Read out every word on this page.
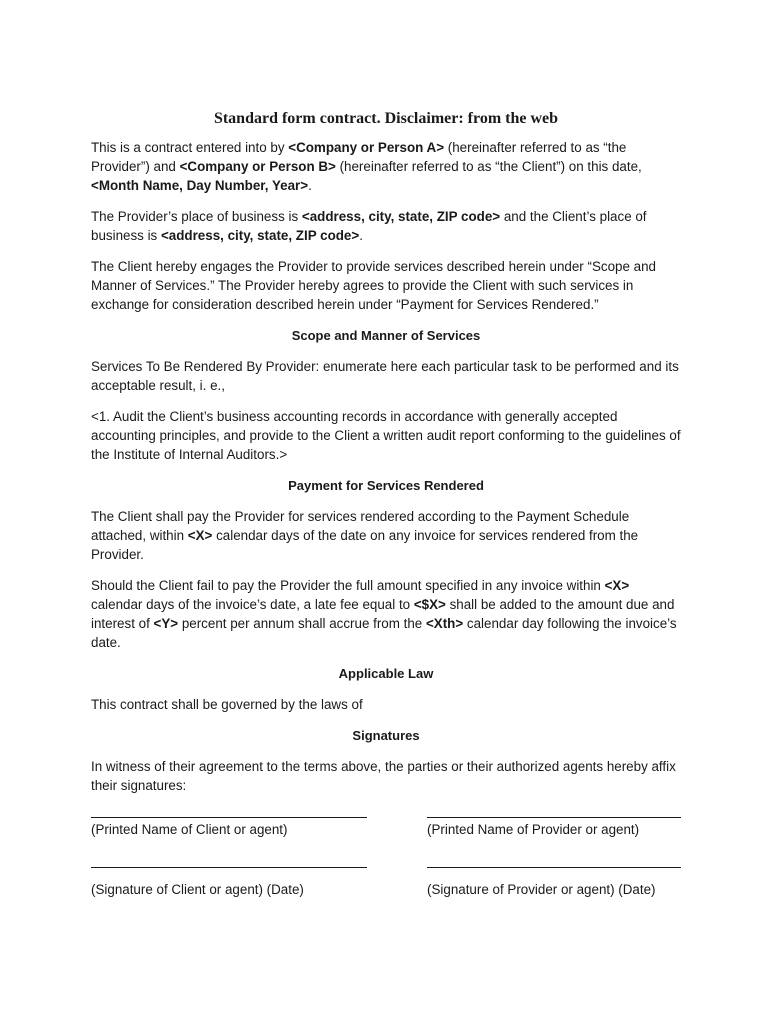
Standard form contract. Disclaimer: from the web

This is a contract entered into by <Company or Person A> (hereinafter referred to as “the Provider”) and <Company or Person B> (hereinafter referred to as “the Client”) on this date, <Month Name, Day Number, Year>.

The Provider’s place of business is <address, city, state, ZIP code> and the Client’s place of business is <address, city, state, ZIP code>.

The Client hereby engages the Provider to provide services described herein under “Scope and Manner of Services.” The Provider hereby agrees to provide the Client with such services in exchange for consideration described herein under “Payment for Services Rendered.”

Scope and Manner of Services

Services To Be Rendered By Provider: enumerate here each particular task to be performed and its acceptable result, i. e.,

<1. Audit the Client’s business accounting records in accordance with generally accepted accounting principles, and provide to the Client a written audit report conforming to the guidelines of the Institute of Internal Auditors.>

Payment for Services Rendered

The Client shall pay the Provider for services rendered according to the Payment Schedule attached, within <X> calendar days of the date on any invoice for services rendered from the Provider.

Should the Client fail to pay the Provider the full amount specified in any invoice within <X> calendar days of the invoice’s date, a late fee equal to <$X> shall be added to the amount due and interest of <Y> percent per annum shall accrue from the <Xth> calendar day following the invoice’s date.

Applicable Law

This contract shall be governed by the laws of

Signatures

In witness of their agreement to the terms above, the parties or their authorized agents hereby affix their signatures:

(Printed Name of Client or agent)	(Printed Name of Provider or agent)
(Signature of Client or agent) (Date)	(Signature of Provider or agent) (Date)
